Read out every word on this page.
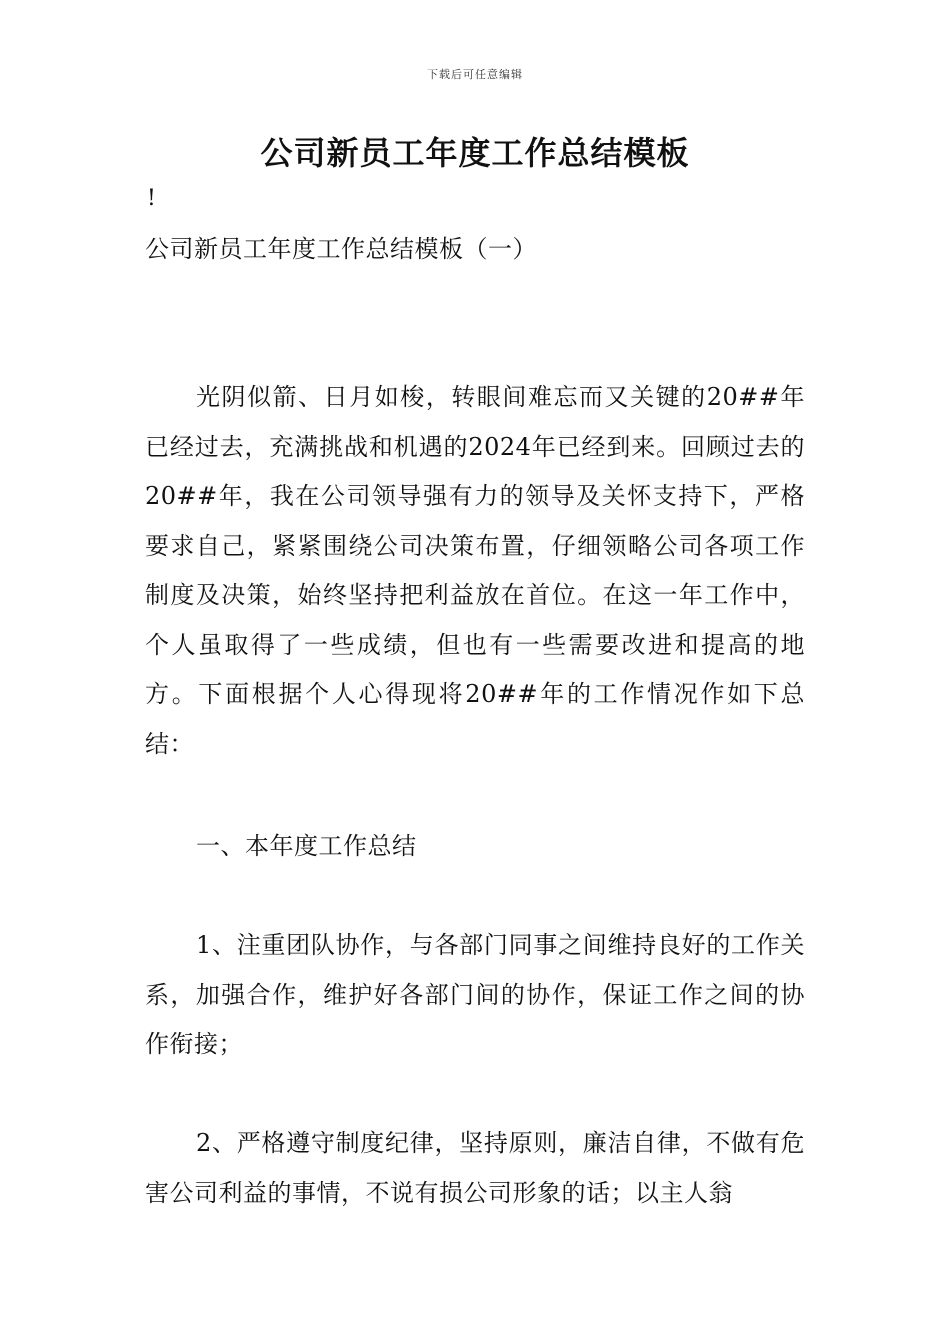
下载后可任意编辑
公司新员工年度工作总结模板
!
公司新员工年度工作总结模板（一）

光阴似箭、日月如梭，转眼间难忘而又关键的20##年已经过去，充满挑战和机遇的2024年已经到来。回顾过去的20##年，我在公司领导强有力的领导及关怀支持下，严格要求自己，紧紧围绕公司决策布置，仔细领略公司各项工作制度及决策，始终坚持把利益放在首位。在这一年工作中，个人虽取得了一些成绩，但也有一些需要改进和提高的地方。下面根据个人心得现将20##年的工作情况作如下总结：

一、本年度工作总结

1、注重团队协作，与各部门同事之间维持良好的工作关系，加强合作，维护好各部门间的协作，保证工作之间的协作衔接；

2、严格遵守制度纪律，坚持原则，廉洁自律，不做有危害公司利益的事情，不说有损公司形象的话；以主人翁
